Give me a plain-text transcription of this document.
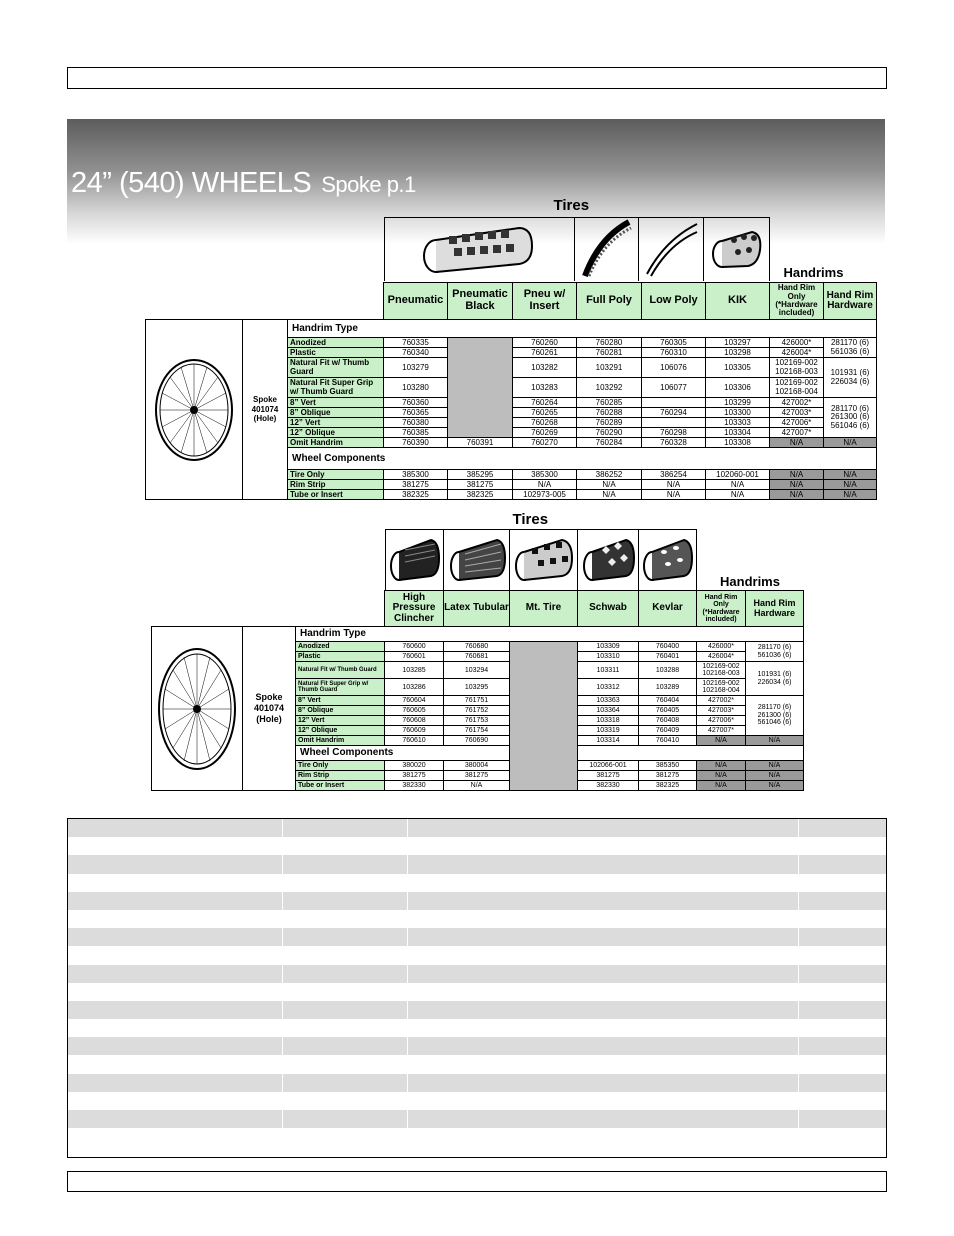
24” (540) WHEELS Spoke p.1

			Tires
Handrims							

			Pneumatic	Pneumatic Black	Pneu w/ Insert	Full Poly	Low Poly	KIK	Hand Rim Only (*Hardware included)	Hand Rim Hardware

	Spoke 401074 (Hole)	Handrim Type								
		Anodized	760335		760260	760280	760305	103297	426000*	281170 (6) 561036 (6)
		Plastic	760340		760261	760281	760310	103298	426004*	
		Natural Fit w/ Thumb Guard	103279		103282	103291	106076	103305	102169-002 102168-003	101931 (6) 226034 (6)
		Natural Fit Super Grip w/ Thumb Guard	103280		103283	103292	106077	103306	102169-002 102168-004	
		8” Vert	760360		760264	760285		103299	427002*	281170 (6) 261300 (6) 561046 (6)
		8” Oblique	760365		760265	760288	760294	103300	427003*	
		12” Vert	760380		760268	760289		103303	427006*	
		12” Oblique	760385		760269	760290	760298	103304	427007*	
		Omit Handrim	760390	760391	760270	760284	760328	103308	N/A	N/A
		Wheel Components								
		Tire Only	385300	385295	385300	386252	386254	102060-001	N/A	N/A
		Rim Strip	381275	381275	N/A	N/A	N/A	N/A	N/A	N/A
		Tube or Insert	382325	382325	102973-005	N/A	N/A	N/A	N/A	N/A

			Tires					Handrims	

			High Pressure Clincher	Latex Tubular	Mt. Tire	Schwab	Kevlar	Hand Rim Only (*Hardware included)	Hand Rim Hardware

	Spoke 401074 (Hole)	Handrim Type							
		Anodized	760600	760680		103309	760400	426000*	281170 (6) 561036 (6)
		Plastic	760601	760681		103310	760401	426004*	
		Natural Fit w/ Thumb Guard	103285	103294		103311	103288	102169-002 102168-003	101931 (6) 226034 (6)
		Natural Fit Super Grip w/ Thumb Guard	103286	103295		103312	103289	102169-002 102168-004	
		8” Vert	760604	761751		103363	760404	427002*	281170 (6) 261300 (6) 561046 (6)
		8” Oblique	760605	761752		103364	760405	427003*	
		12” Vert	760608	761753		103318	760408	427006*	
		12” Oblique	760609	761754		103319	760409	427007*	
		Omit Handrim	760610	760690		103314	760410	N/A	N/A
		Wheel Components							
		Tire Only	380020	380004		102066-001	385350	N/A	N/A
		Rim Strip	381275	381275		381275	381275	N/A	N/A
		Tube or Insert	382330	N/A		382330	382325	N/A	N/A
